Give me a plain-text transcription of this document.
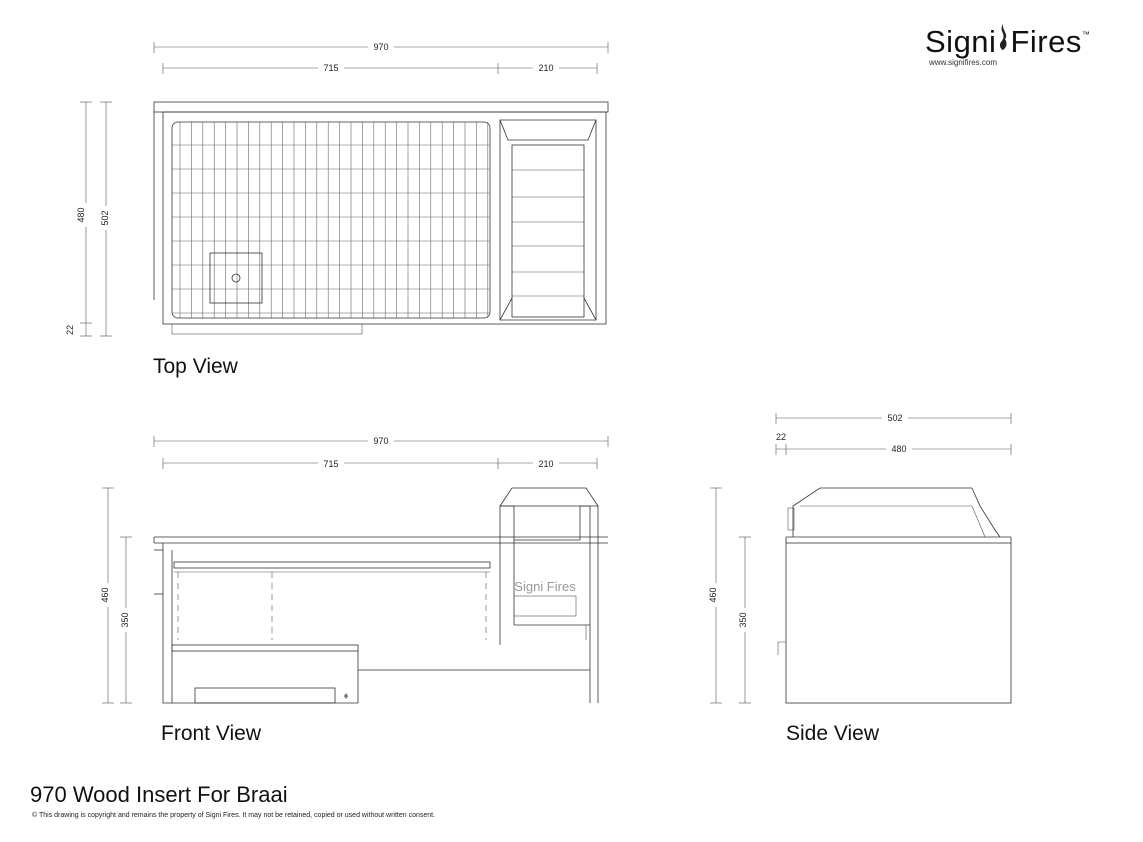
970
715	210
480 502
22
Top View
970
715	210
460
350
♦
Signi Fires
Front View
502
22
480
460
350
Side View
Signi Fires™
www.signifires.com
970 Wood Insert For Braai
© This drawing is copyright and remains the property of Signi Fires. It may not be retained, copied or used without written consent.
